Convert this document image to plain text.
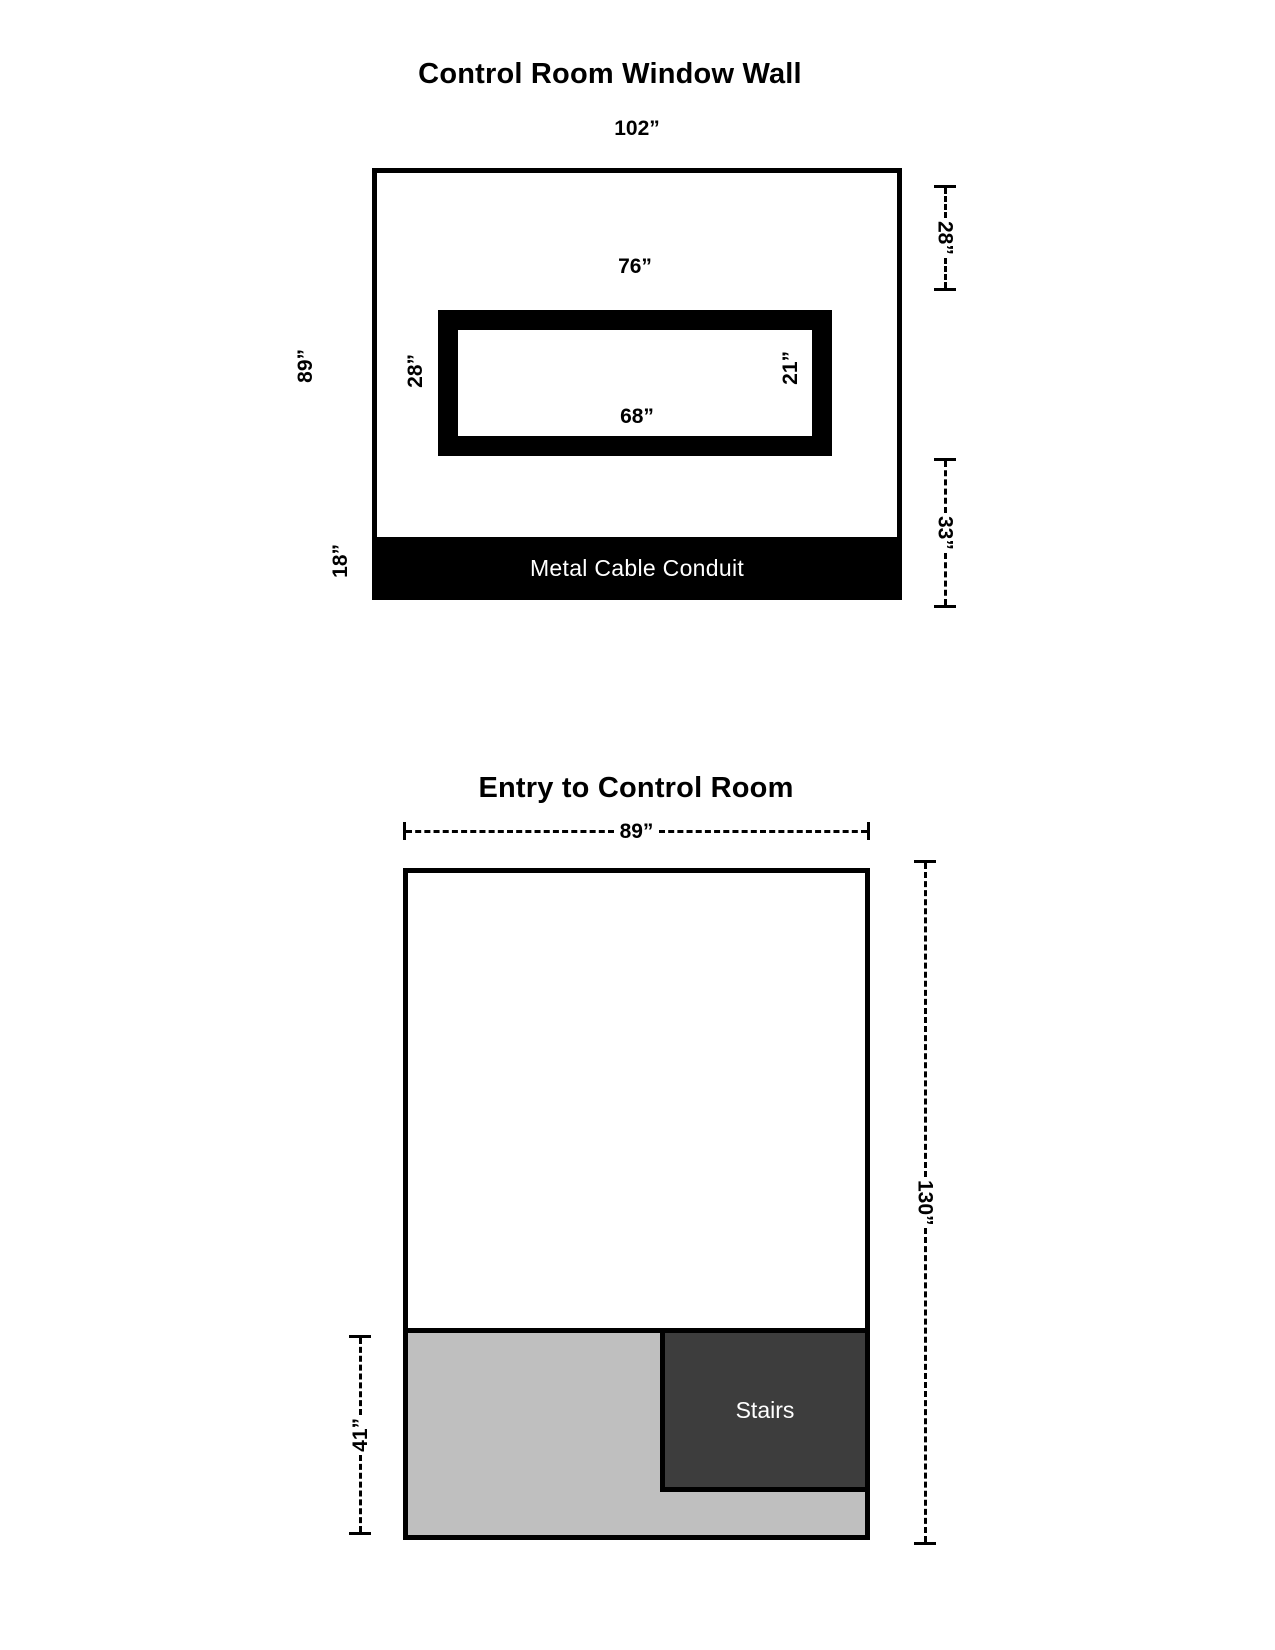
Control Room Window Wall
102”
89”
76”
28”	21”
68”
Metal Cable Conduit
18”
28”
33”
Entry to Control Room
89”
Stairs
130”
41”
